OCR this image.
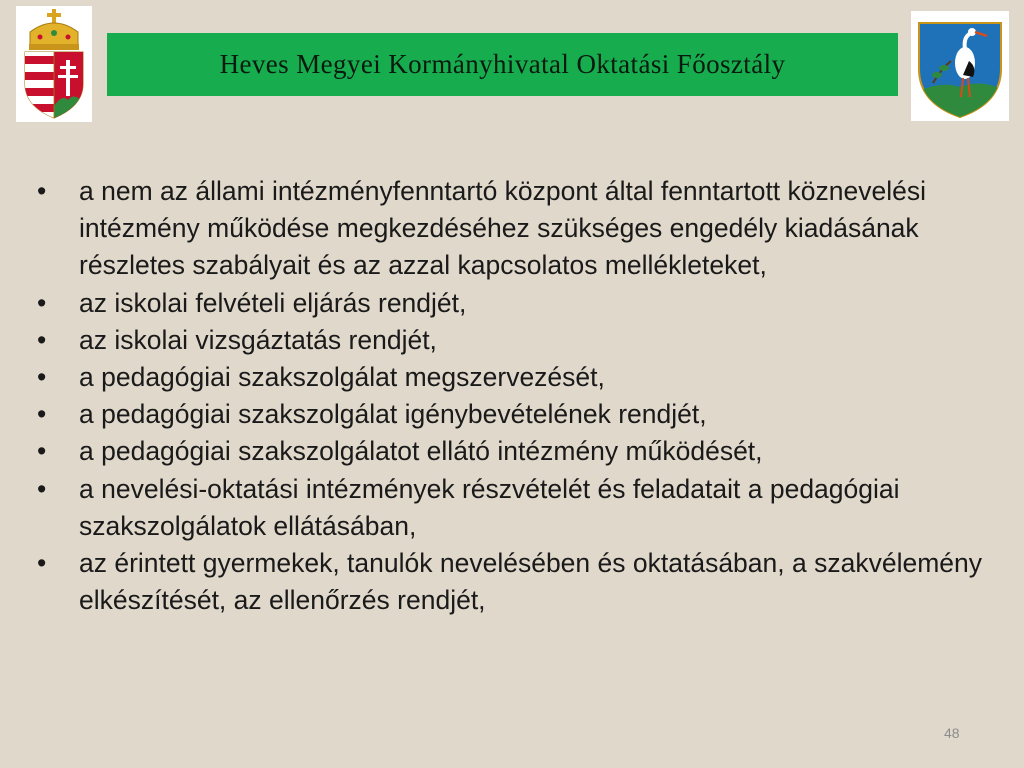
Heves Megyei Kormányhivatal Oktatási Főosztály
• a nem az állami intézményfenntartó központ által fenntartott köznevelési intézmény működése megkezdéséhez szükséges engedély kiadásának részletes szabályait és az azzal kapcsolatos mellékleteket,
• az iskolai felvételi eljárás rendjét,
• az iskolai vizsgáztatás rendjét,
• a pedagógiai szakszolgálat megszervezését,
• a pedagógiai szakszolgálat igénybevételének rendjét,
• a pedagógiai szakszolgálatot ellátó intézmény működését,
• a nevelési-oktatási intézmények részvételét és feladatait a pedagógiai szakszolgálatok ellátásában,
• az érintett gyermekek, tanulók nevelésében és oktatásában, a szakvélemény elkészítését, az ellenőrzés rendjét,
48
